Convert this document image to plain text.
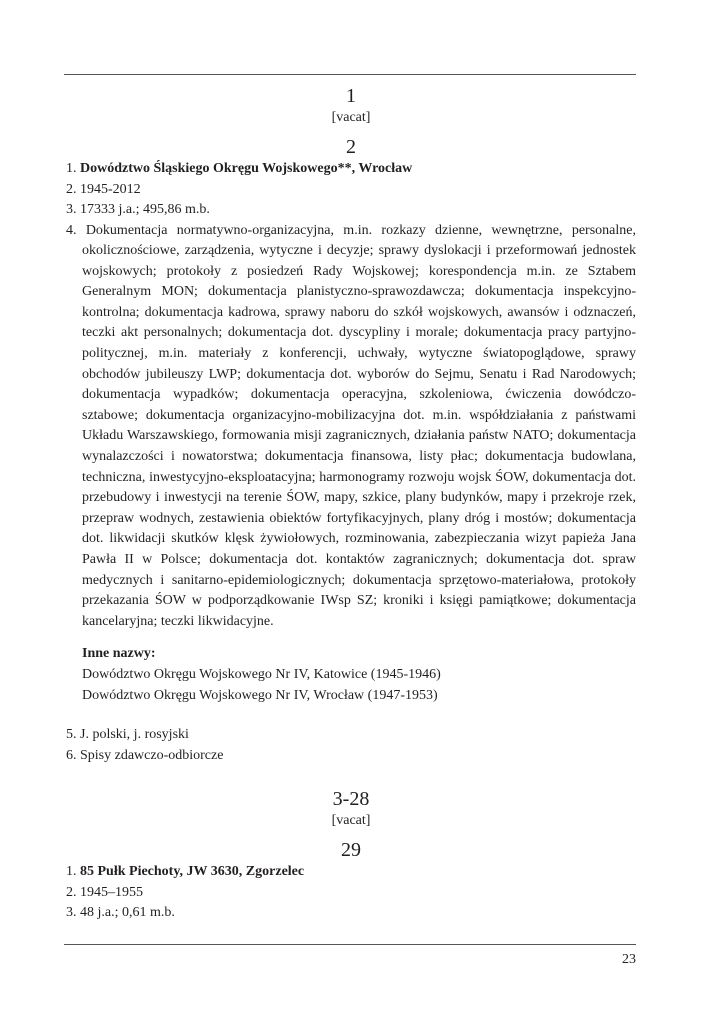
1
[vacat]
2
1. Dowództwo Śląskiego Okręgu Wojskowego**, Wrocław
2. 1945-2012
3. 17333 j.a.; 495,86 m.b.
4. Dokumentacja normatywno-organizacyjna, m.in. rozkazy dzienne, wewnętrzne, personalne, okolicznościowe, zarządzenia, wytyczne i decyzje; sprawy dyslokacji i przeformowań jednostek wojskowych; protokoły z posiedzeń Rady Wojskowej; korespondencja m.in. ze Sztabem Generalnym MON; dokumentacja planistyczno-sprawozdawcza; dokumentacja inspekcyjno-kontrolna; dokumentacja kadrowa, sprawy naboru do szkół wojskowych, awansów i odznaczeń, teczki akt personalnych; dokumentacja dot. dyscypliny i morale; dokumentacja pracy partyjno-politycznej, m.in. materiały z konferencji, uchwały, wytyczne światopoglądowe, sprawy obchodów jubileuszy LWP; dokumentacja dot. wyborów do Sejmu, Senatu i Rad Narodowych; dokumentacja wypadków; dokumentacja operacyjna, szkoleniowa, ćwiczenia dowódczo-sztabowe; dokumentacja organizacyjno-mobilizacyjna dot. m.in. współdziałania z państwami Układu Warszawskiego, formowania misji zagranicznych, działania państw NATO; dokumentacja wynalazczości i nowatorstwa; dokumentacja finansowa, listy płac; dokumentacja budowlana, techniczna, inwestycyjno-eksploatacyjna; harmonogramy rozwoju wojsk ŚOW, dokumentacja dot. przebudowy i inwestycji na terenie ŚOW, mapy, szkice, plany budynków, mapy i przekroje rzek, przepraw wodnych, zestawienia obiektów fortyfikacyjnych, plany dróg i mostów; dokumentacja dot. likwidacji skutków klęsk żywiołowych, rozminowania, zabezpieczania wizyt papieża Jana Pawła II w Polsce; dokumentacja dot. kontaktów zagranicznych; dokumentacja dot. spraw medycznych i sanitarno-epidemiologicznych; dokumentacja sprzętowo-materiałowa, protokoły przekazania ŚOW w podporządkowanie IWsp SZ; kroniki i księgi pamiątkowe; dokumentacja kancelaryjna; teczki likwidacyjne.
Inne nazwy:
Dowództwo Okręgu Wojskowego Nr IV, Katowice (1945-1946)
Dowództwo Okręgu Wojskowego Nr IV, Wrocław (1947-1953)
5. J. polski, j. rosyjski
6. Spisy zdawczo-odbiorcze
3-28
[vacat]
29
1. 85 Pułk Piechoty, JW 3630, Zgorzelec
2. 1945–1955
3. 48 j.a.; 0,61 m.b.
23
